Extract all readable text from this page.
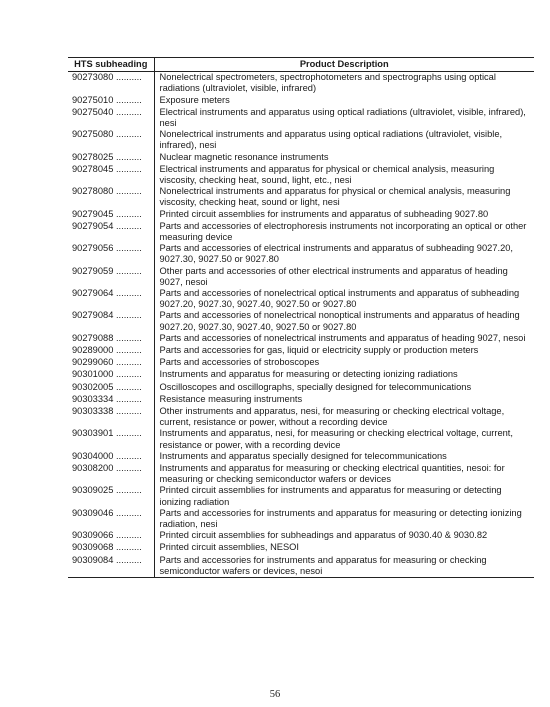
HTS subheading	Product Description
90273080 ..........	Nonelectrical spectrometers, spectrophotometers and spectrographs using optical radiations (ultraviolet, visible, infrared)
90275010 ..........	Exposure meters
90275040 ..........	Electrical instruments and apparatus using optical radiations (ultraviolet, visible, infrared), nesi
90275080 ..........	Nonelectrical instruments and apparatus using optical radiations (ultraviolet, visible, infrared), nesi
90278025 ..........	Nuclear magnetic resonance instruments
90278045 ..........	Electrical instruments and apparatus for physical or chemical analysis, measuring viscosity, checking heat, sound, light, etc., nesi
90278080 ..........	Nonelectrical instruments and apparatus for physical or chemical analysis, measuring viscosity, checking heat, sound or light, nesi
90279045 ..........	Printed circuit assemblies for instruments and apparatus of subheading 9027.80
90279054 ..........	Parts and accessories of electrophoresis instruments not incorporating an optical or other measuring device
90279056 ..........	Parts and accessories of electrical instruments and apparatus of subheading 9027.20, 9027.30, 9027.50 or 9027.80
90279059 ..........	Other parts and accessories of other electrical instruments and apparatus of heading 9027, nesoi
90279064 ..........	Parts and accessories of nonelectrical optical instruments and apparatus of subheading 9027.20, 9027.30, 9027.40, 9027.50 or 9027.80
90279084 ..........	Parts and accessories of nonelectrical nonoptical instruments and apparatus of heading 9027.20, 9027.30, 9027.40, 9027.50 or 9027.80
90279088 ..........	Parts and accessories of nonelectrical instruments and apparatus of heading 9027, nesoi
90289000 ..........	Parts and accessories for gas, liquid or electricity supply or production meters
90299060 ..........	Parts and accessories of stroboscopes
90301000 ..........	Instruments and apparatus for measuring or detecting ionizing radiations
90302005 ..........	Oscilloscopes and oscillographs, specially designed for telecommunications
90303334 ..........	Resistance measuring instruments
90303338 ..........	Other instruments and apparatus, nesi, for measuring or checking electrical voltage, current, resistance or power, without a recording device
90303901 ..........	Instruments and apparatus, nesi, for measuring or checking electrical voltage, current, resistance or power, with a recording device
90304000 ..........	Instruments and apparatus specially designed for telecommunications
90308200 ..........	Instruments and apparatus for measuring or checking electrical quantities, nesoi: for measuring or checking semiconductor wafers or devices
90309025 ..........	Printed circuit assemblies for instruments and apparatus for measuring or detecting ionizing radiation
90309046 ..........	Parts and accessories for instruments and apparatus for measuring or detecting ionizing radiation, nesi
90309066 ..........	Printed circuit assemblies for subheadings and apparatus of 9030.40 & 9030.82
90309068 ..........	Printed circuit assemblies, NESOI
90309084 ..........	Parts and accessories for instruments and apparatus for measuring or checking semiconductor wafers or devices, nesoi
56
